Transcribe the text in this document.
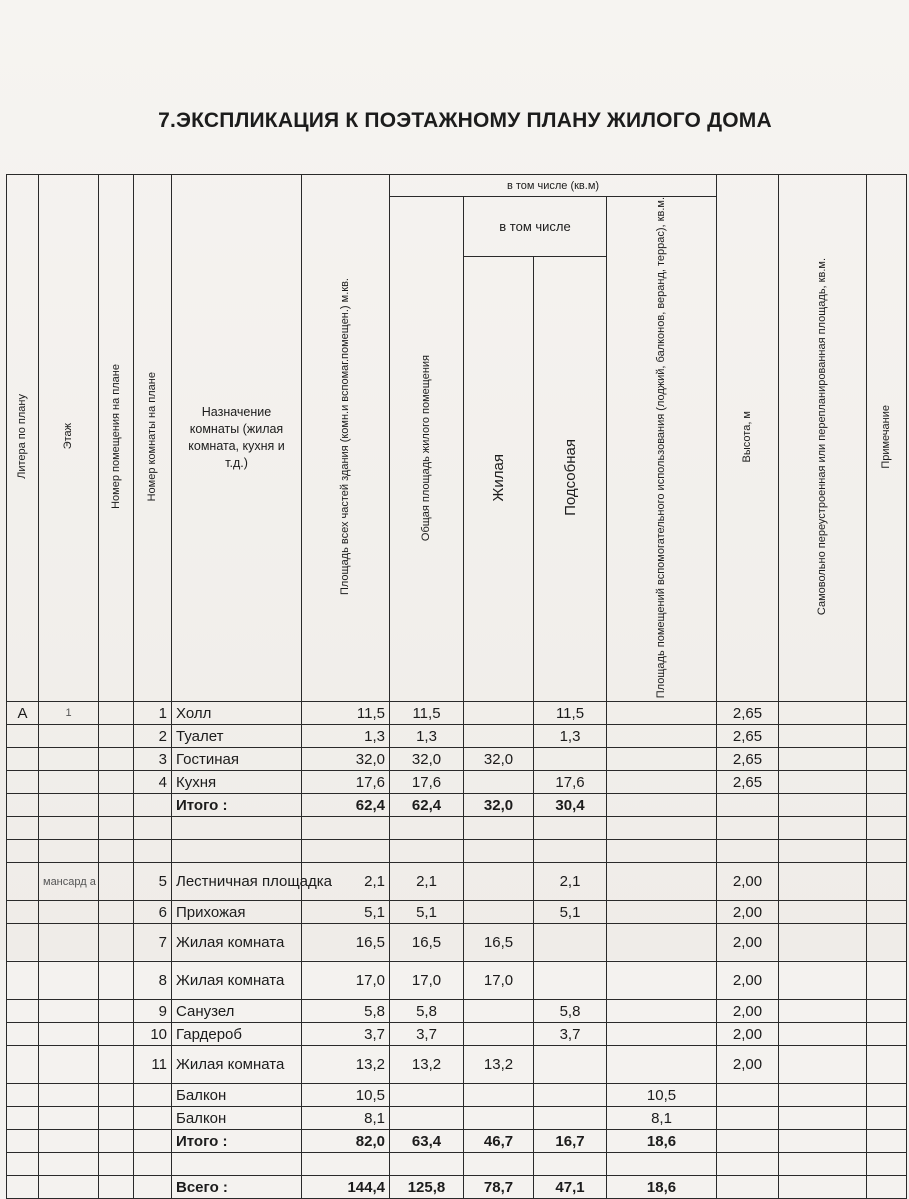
7.ЭКСПЛИКАЦИЯ К ПОЭТАЖНОМУ ПЛАНУ ЖИЛОГО ДОМА
Литера по плану	Этаж	Номер помещения на плане	Номер комнаты на плане	Назначение комнаты (жилая комната, кухня и т.д.)	Площадь всех частей здания (комн.и вспомаг.помещен.) м.кв.	в том числе (кв.м)				Высота, м	Самовольно переустроенная или перепланированная площадь, кв.м.	Примечание
						Общая площадь жилого помещения	в том числе		Площадь помещений вспомогательного использования (лоджий, балконов, веранд, террас), кв.м.			
							Жилая	Подсобная				
А	1		1	Холл	11,5	11,5		11,5		2,65		
			2	Туалет	1,3	1,3		1,3		2,65		
			3	Гостиная	32,0	32,0	32,0			2,65		
			4	Кухня	17,6	17,6		17,6		2,65		
				Итого :	62,4	62,4	32,0	30,4				

	мансард а		5	Лестничная площадка	2,1	2,1		2,1		2,00		
			6	Прихожая	5,1	5,1		5,1		2,00		
			7	Жилая комната	16,5	16,5	16,5			2,00		
			8	Жилая комната	17,0	17,0	17,0			2,00		
			9	Санузел	5,8	5,8		5,8		2,00		
			10	Гардероб	3,7	3,7		3,7		2,00		
			11	Жилая комната	13,2	13,2	13,2			2,00		
				Балкон	10,5				10,5			
				Балкон	8,1				8,1			
				Итого :	82,0	63,4	46,7	16,7	18,6			

				Всего :	144,4	125,8	78,7	47,1	18,6			
